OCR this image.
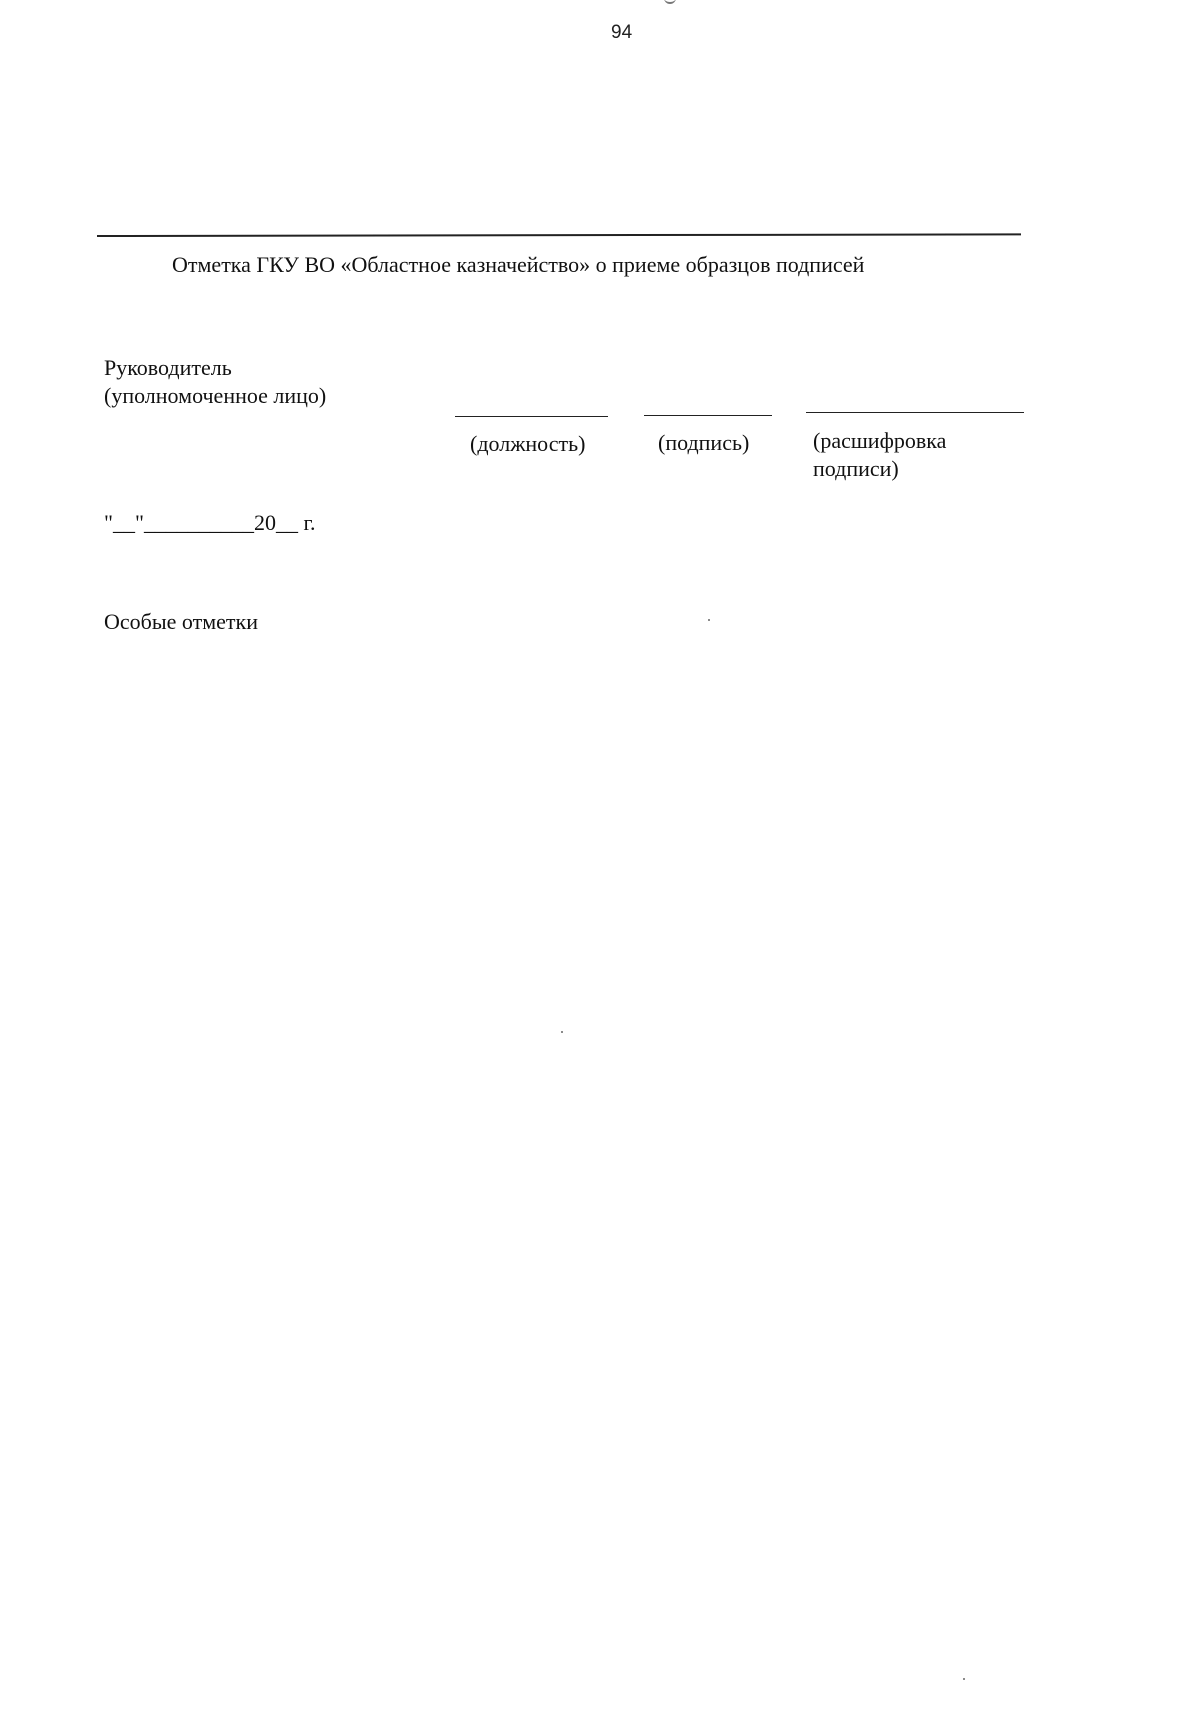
94
Отметка ГКУ ВО «Областное казначейство» о приеме образцов подписей
Руководитель
(уполномоченное лицо)
(должность)	(подпись)	(расшифровка
подписи)
"__"__________20__ г.
Особые отметки
